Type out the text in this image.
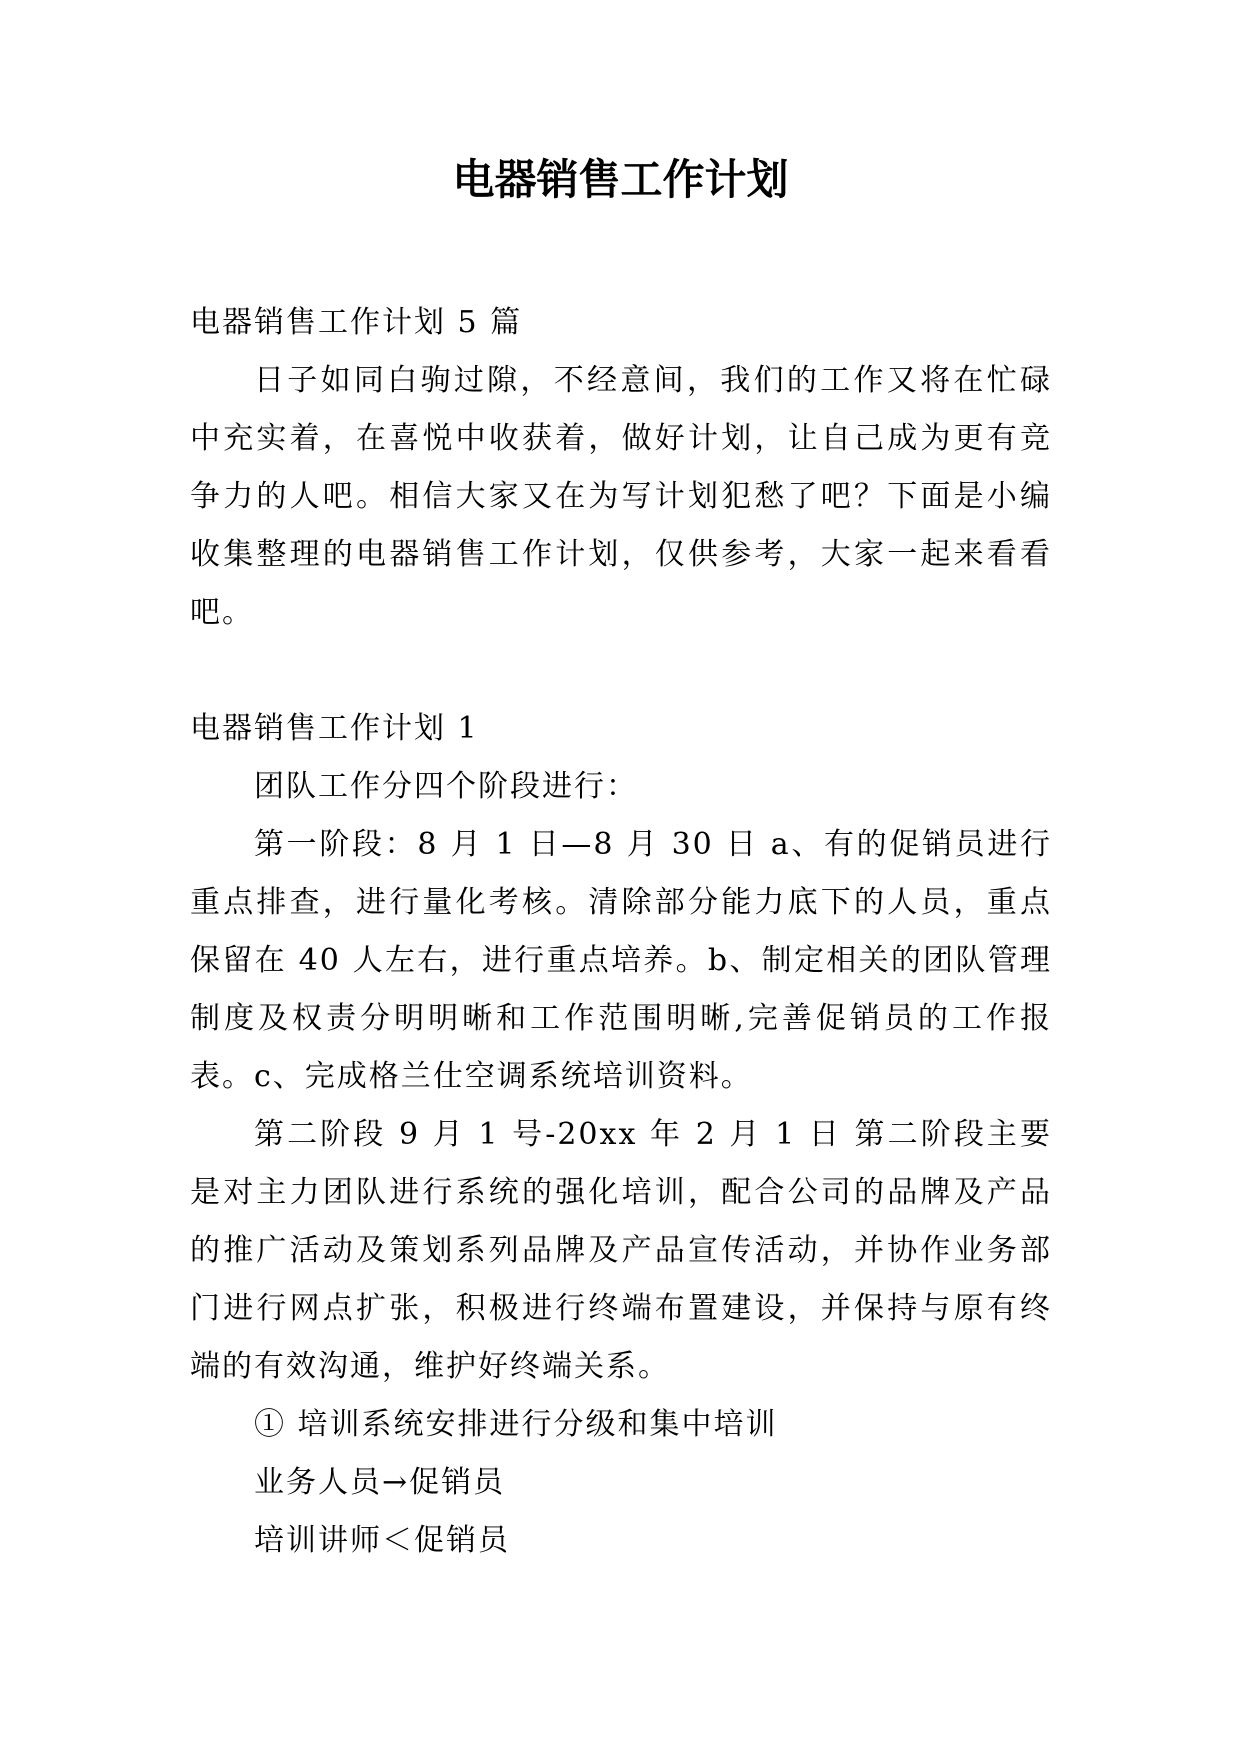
电器销售工作计划

电器销售工作计划 5 篇

日子如同白驹过隙，不经意间，我们的工作又将在忙碌中充实着，在喜悦中收获着，做好计划，让自己成为更有竞争力的人吧。相信大家又在为写计划犯愁了吧？下面是小编收集整理的电器销售工作计划，仅供参考，大家一起来看看吧。

电器销售工作计划 1

团队工作分四个阶段进行：

第一阶段：8 月 1 日—8 月 30 日 a、有的促销员进行重点排查，进行量化考核。清除部分能力底下的人员，重点保留在 40 人左右，进行重点培养。b、制定相关的团队管理制度及权责分明明晰和工作范围明晰,完善促销员的工作报表。c、完成格兰仕空调系统培训资料。

第二阶段 9 月 1 号-20xx 年 2 月 1 日 第二阶段主要是对主力团队进行系统的强化培训，配合公司的品牌及产品的推广活动及策划系列品牌及产品宣传活动，并协作业务部门进行网点扩张，积极进行终端布置建设，并保持与原有终端的有效沟通，维护好终端关系。

① 培训系统安排进行分级和集中培训

业务人员→促销员

培训讲师＜促销员
